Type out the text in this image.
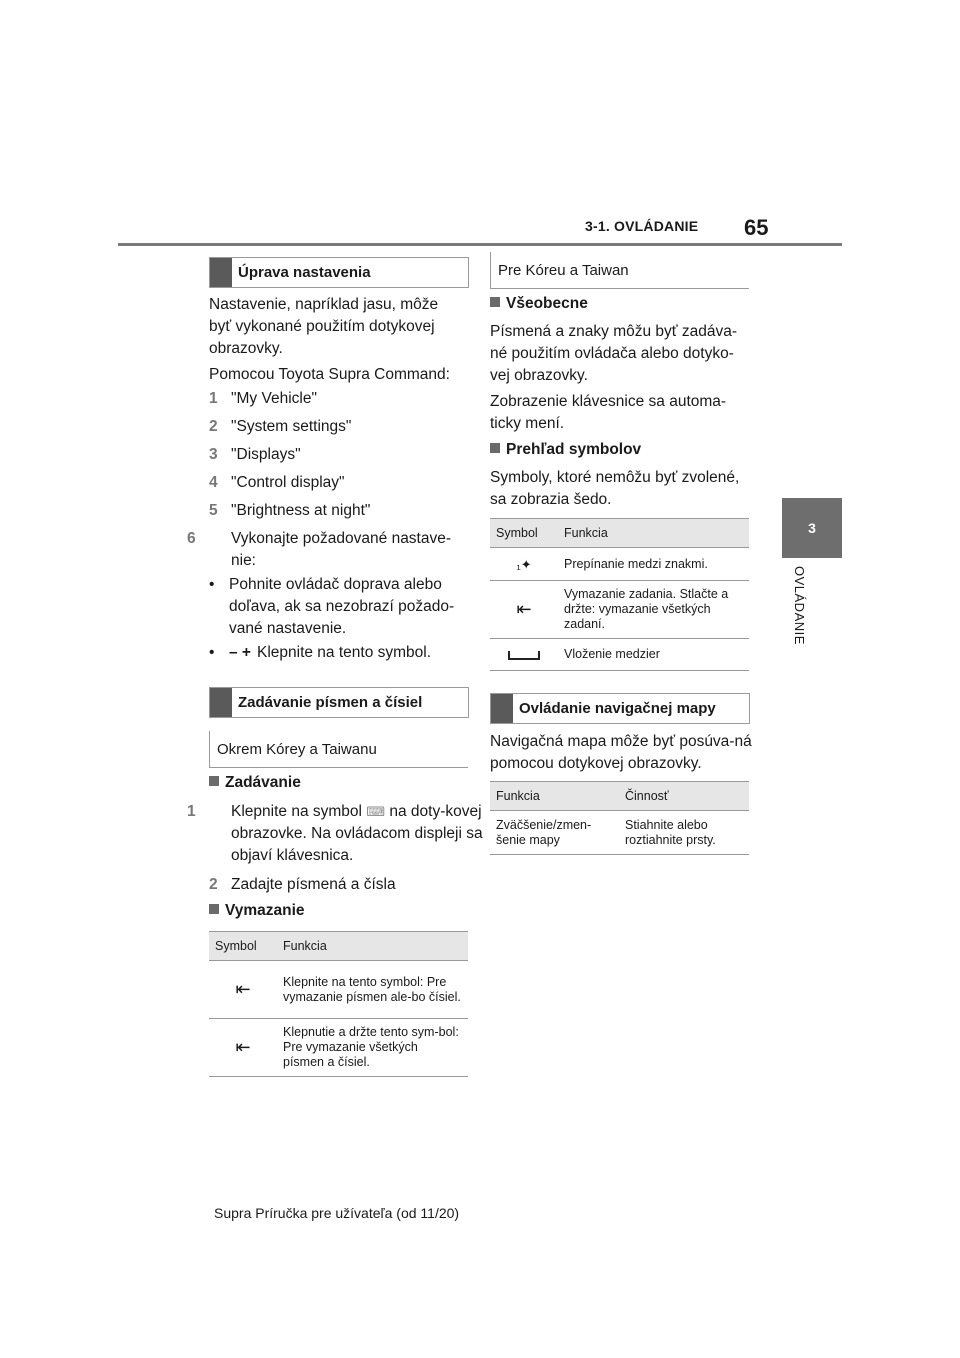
3-1. OVLÁDANIE 65
3
OVLÁDANIE
Úprava nastavenia
Nastavenie, napríklad jasu, môže byť vykonané použitím dotykovej obrazovky.
Pomocou Toyota Supra Command:
1 "My Vehicle"
2 "System settings"
3 "Displays"
4 "Control display"
5 "Brightness at night"
6 Vykonajte požadované nastave-nie:
• Pohnite ovládač doprava alebo doľava, ak sa nezobrazí požado-vané nastavenie.
• – + Klepnite na tento symbol.
Zadávanie písmen a čísiel
Okrem Kórey a Taiwanu
Zadávanie
1 Klepnite na symbol ⌨ na doty-kovej obrazovke. Na ovládacom displeji sa objaví klávesnica.
2 Zadajte písmená a čísla
Vymazanie
Symbol	Funkcia
⇤	Klepnite na tento symbol: Pre vymazanie písmen ale-bo čísiel.
⇤	Klepnutie a držte tento sym-bol: Pre vymazanie všetkých písmen a čísiel.
Pre Kóreu a Taiwan
Všeobecne
Písmená a znaky môžu byť zadáva-né použitím ovládača alebo dotyko-vej obrazovky.
Zobrazenie klávesnice sa automa-ticky mení.
Prehľad symbolov
Symboly, ktoré nemôžu byť zvolené, sa zobrazia šedo.
Symbol	Funkcia
₁✦	Prepínanie medzi znakmi.
⇤	Vymazanie zadania. Stlačte a držte: vymazanie všetkých zadaní.
	Vloženie medzier
Ovládanie navigačnej mapy
Navigačná mapa môže byť posúva-ná pomocou dotykovej obrazovky.
Funkcia	Činnosť
Zväčšenie/zmen-šenie mapy	Stiahnite alebo roztiahnite prsty.
Supra Príručka pre užívateľa (od 11/20)
